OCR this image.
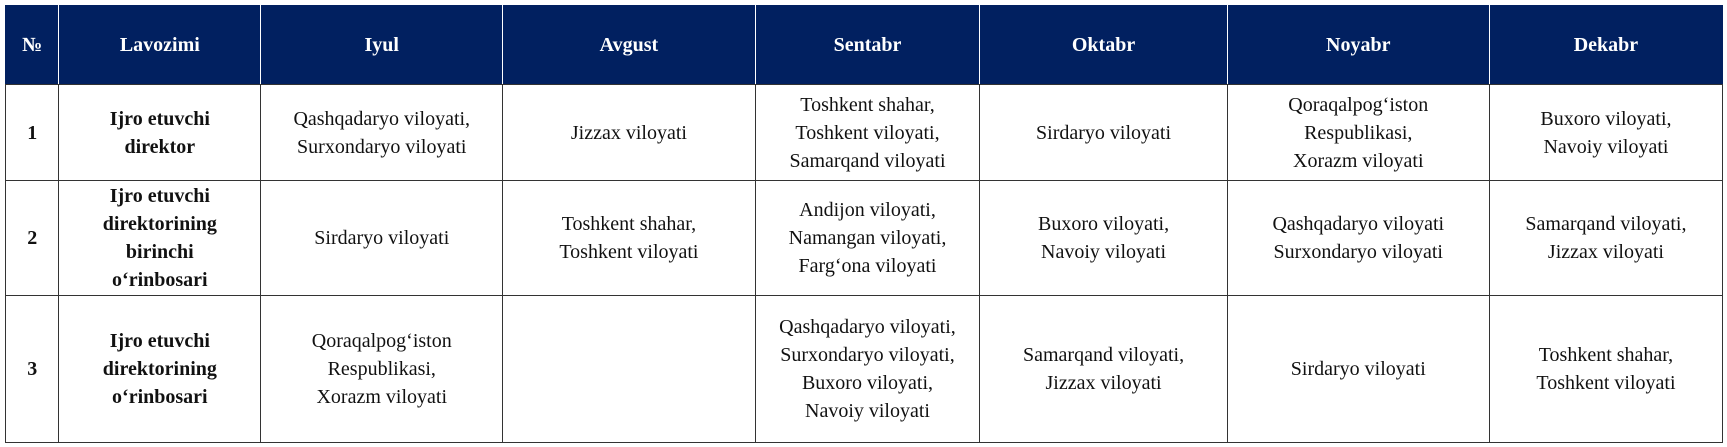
№	Lavozimi	Iyul	Avgust	Sentabr	Oktabr	Noyabr	Dekabr

1	Ijro etuvchi
direktor	Qashqadaryo viloyati,
Surxondaryo viloyati	Jizzax viloyati	Toshkent shahar,
Toshkent viloyati,
Samarqand viloyati	Sirdaryo viloyati	Qoraqalpog‘iston
Respublikasi,
Xorazm viloyati	Buxoro viloyati,
Navoiy viloyati

2	Ijro etuvchi
direktorining
birinchi
o‘rinbosari	Sirdaryo viloyati	Toshkent shahar,
Toshkent viloyati	Andijon viloyati,
Namangan viloyati,
Farg‘ona viloyati	Buxoro viloyati,
Navoiy viloyati	Qashqadaryo viloyati
Surxondaryo viloyati	Samarqand viloyati,
Jizzax viloyati

3	Ijro etuvchi
direktorining
o‘rinbosari	Qoraqalpog‘iston
Respublikasi,
Xorazm viloyati		Qashqadaryo viloyati,
Surxondaryo viloyati,
Buxoro viloyati,
Navoiy viloyati	Samarqand viloyati,
Jizzax viloyati	Sirdaryo viloyati	Toshkent shahar,
Toshkent viloyati
